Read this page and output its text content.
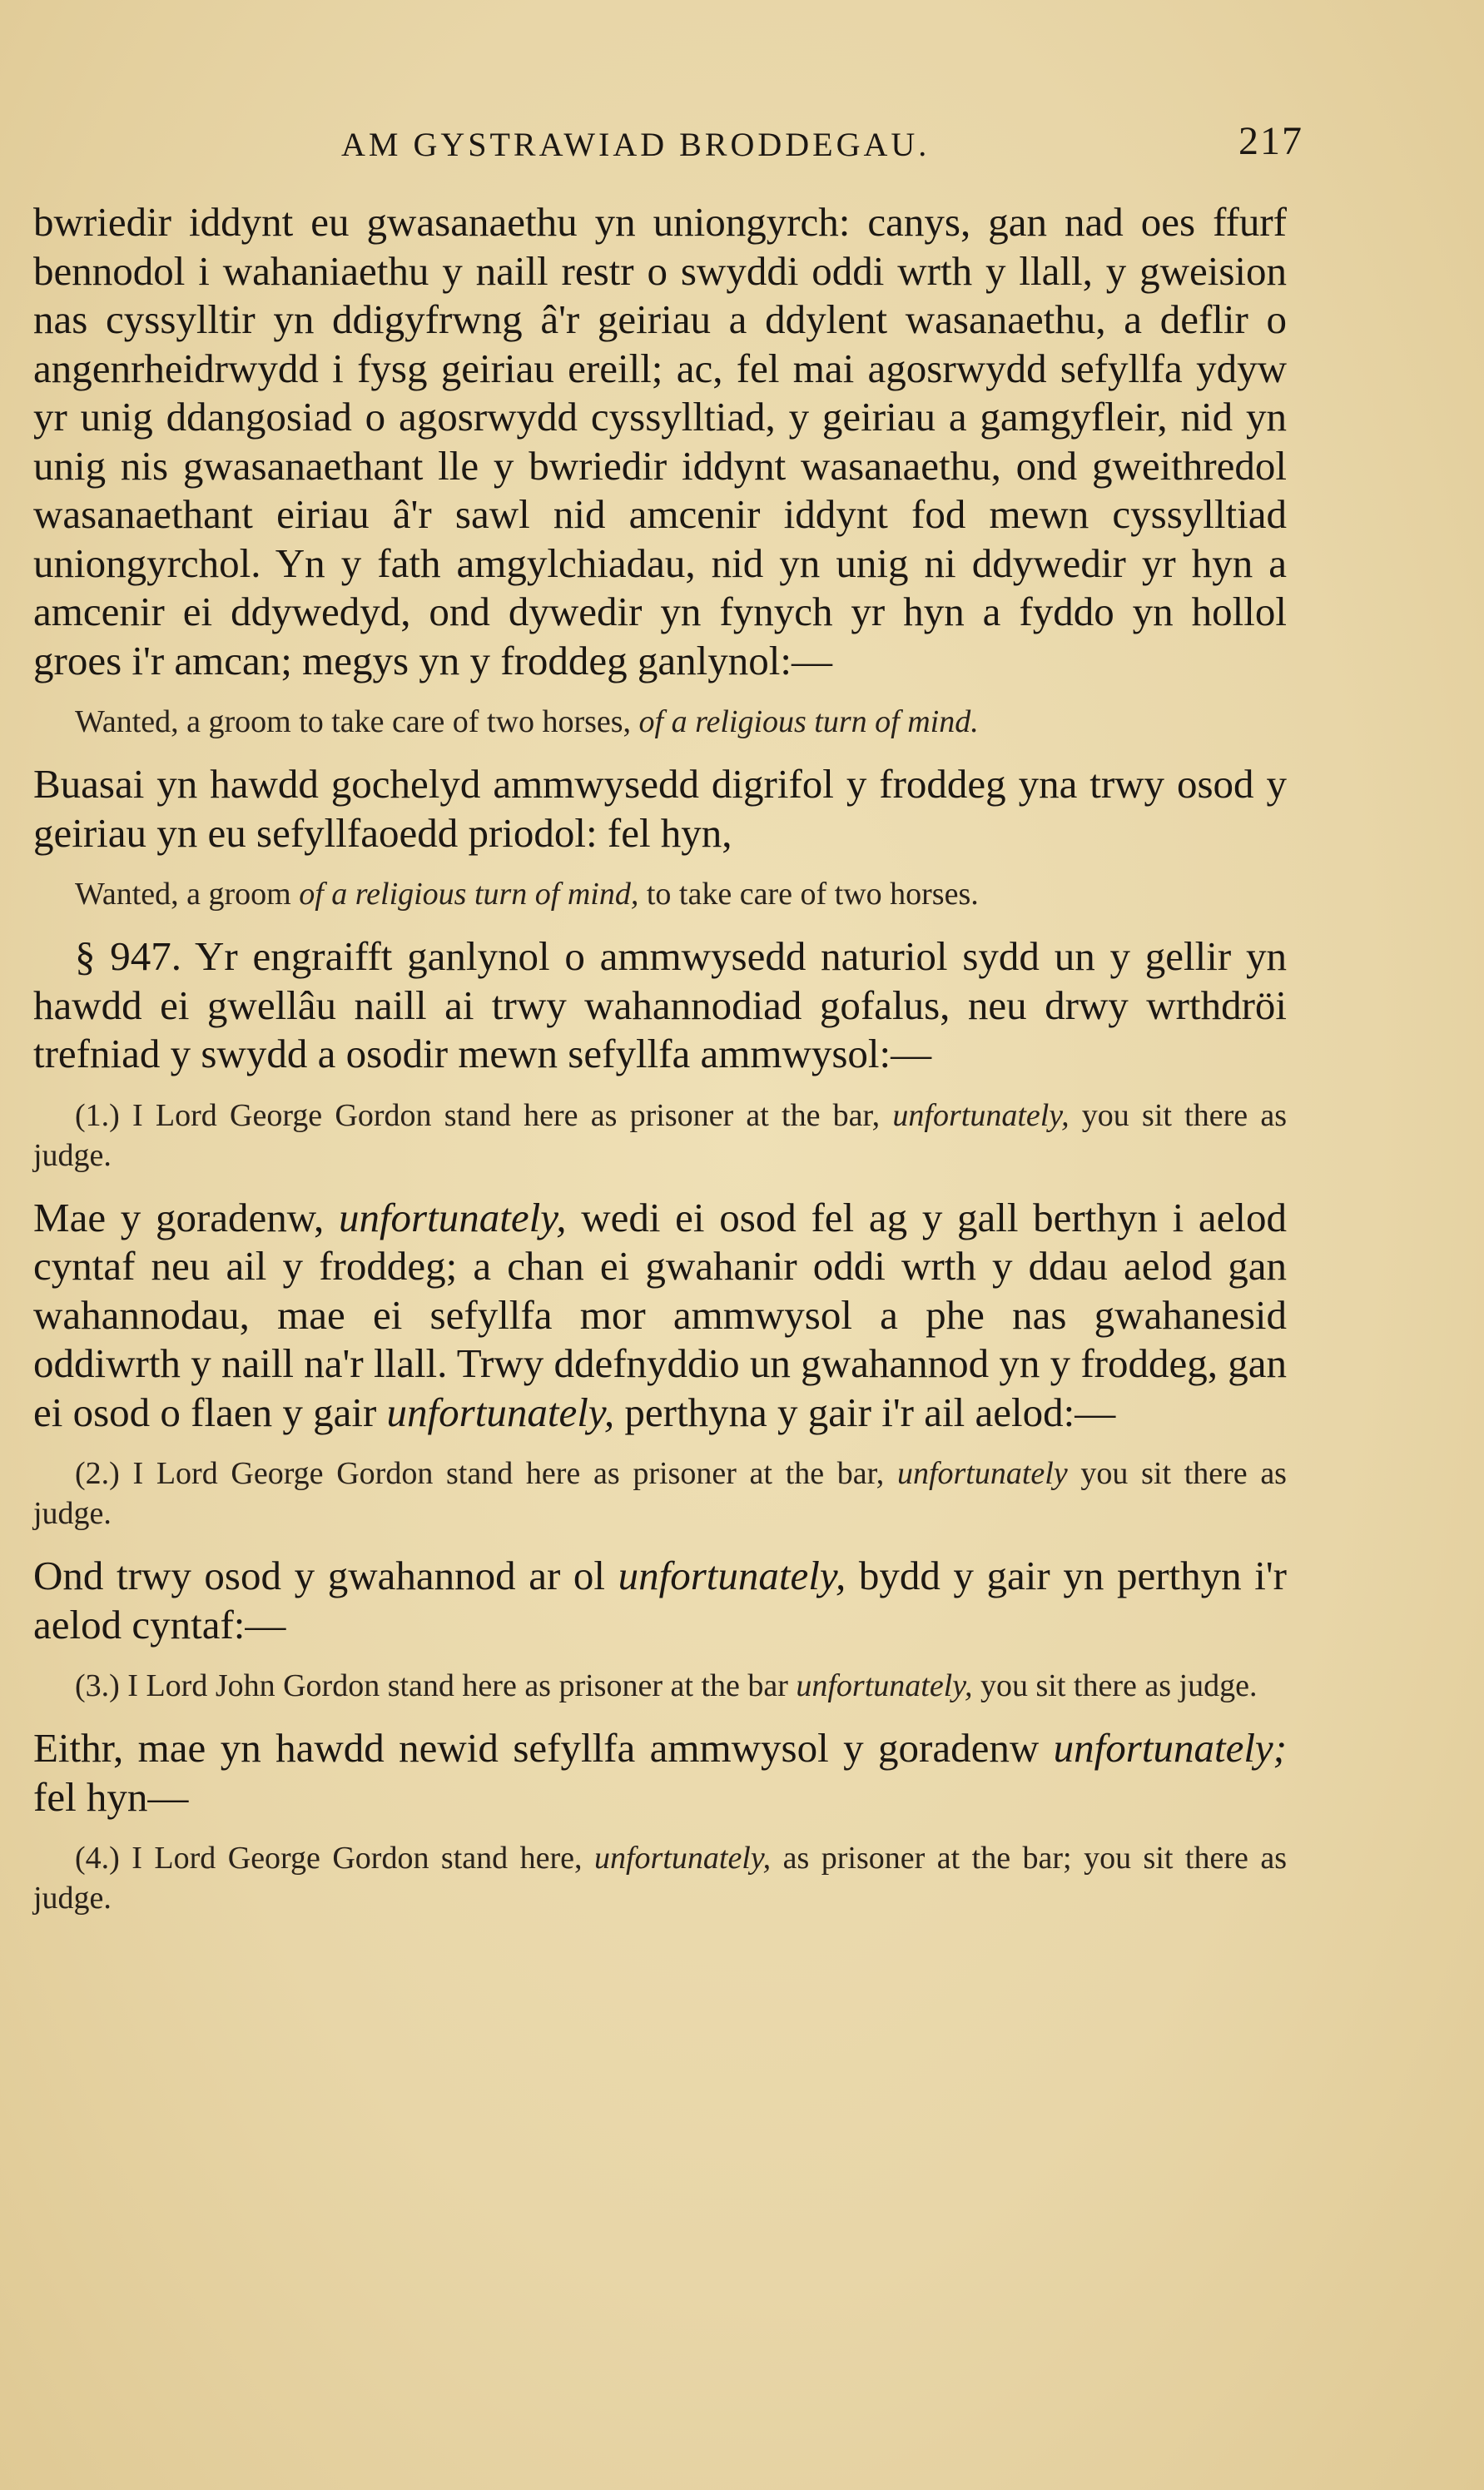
AM GYSTRAWIAD BRODDEGAU.	217

bwriedir iddynt eu gwasanaethu yn uniongyrch: canys, gan nad oes ffurf bennodol i wahaniaethu y naill restr o swyddi oddi wrth y llall, y gweision nas cyssylltir yn ddigyfrwng â'r geiriau a ddylent wasanaethu, a deflir o angenrheidrwydd i fysg geiriau ereill; ac, fel mai agosrwydd sefyllfa ydyw yr unig ddangosiad o agosrwydd cyssylltiad, y geiriau a gamgyfleir, nid yn unig nis gwasanaethant lle y bwriedir iddynt wasanaethu, ond gweithredol wasanaethant eiriau â'r sawl nid amcenir iddynt fod mewn cyssylltiad uniongyrchol. Yn y fath amgylchiadau, nid yn unig ni ddywedir yr hyn a amcenir ei ddywedyd, ond dywedir yn fynych yr hyn a fyddo yn hollol groes i'r amcan; megys yn y froddeg ganlynol:—

Wanted, a groom to take care of two horses, of a religious turn of mind.

Buasai yn hawdd gochelyd ammwysedd digrifol y froddeg yna trwy osod y geiriau yn eu sefyllfaoedd priodol: fel hyn,

Wanted, a groom of a religious turn of mind, to take care of two horses.

§ 947. Yr engraifft ganlynol o ammwysedd naturiol sydd un y gellir yn hawdd ei gwellâu naill ai trwy wahannodiad gofalus, neu drwy wrthdröi trefniad y swydd a osodir mewn sefyllfa ammwysol:—

(1.) I Lord George Gordon stand here as prisoner at the bar, unfortunately, you sit there as judge.

Mae y goradenw, unfortunately, wedi ei osod fel ag y gall berthyn i aelod cyntaf neu ail y froddeg; a chan ei gwahanir oddi wrth y ddau aelod gan wahannodau, mae ei sefyllfa mor ammwysol a phe nas gwahanesid oddiwrth y naill na'r llall. Trwy ddefnyddio un gwahannod yn y froddeg, gan ei osod o flaen y gair unfortunately, perthyna y gair i'r ail aelod:—

(2.) I Lord George Gordon stand here as prisoner at the bar, unfortunately you sit there as judge.

Ond trwy osod y gwahannod ar ol unfortunately, bydd y gair yn perthyn i'r aelod cyntaf:—

(3.) I Lord John Gordon stand here as prisoner at the bar unfortunately, you sit there as judge.

Eithr, mae yn hawdd newid sefyllfa ammwysol y goradenw unfortunately; fel hyn—

(4.) I Lord George Gordon stand here, unfortunately, as prisoner at the bar; you sit there as judge.
